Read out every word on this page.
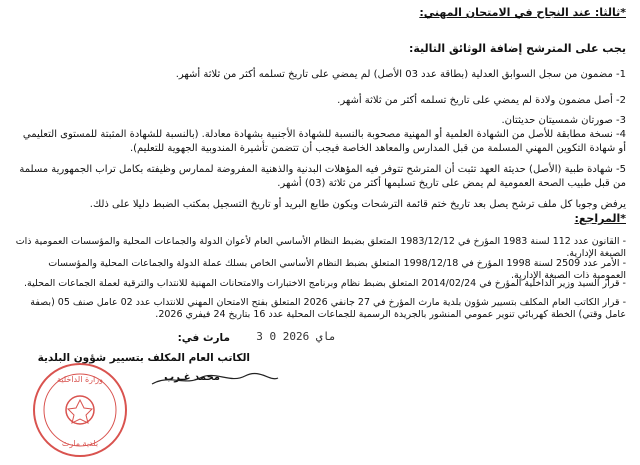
*ثالثا: عند النجاح في الامتحان المهني:
يجب على المترشح إضافة الوثائق التالية:
1- مضمون من سجل السوابق العدلية (بطاقة عدد 03 الأصل) لم يمضي على تاريخ تسلمه أكثر من ثلاثة أشهر.
2- أصل مضمون ولادة لم يمضي على تاريخ تسلمه أكثر من ثلاثة أشهر.
3- صورتان شمسيتان حديثتان.
4- نسخة مطابقة للأصل من الشهادة العلمية أو المهنية مصحوبة بالنسبة للشهادة الأجنبية بشهادة معادلة. (بالنسبة للشهادة المثبتة للمستوى التعليمي أو شهادة التكوين المهني المسلمة من قبل المدارس والمعاهد الخاصة فيجب أن تتضمن تأشيرة المندوبية الجهوية للتعليم).
5- شهادة طبية (الأصل) حديثة العهد تثبت أن المترشح تتوفر فيه المؤهلات البدنية والذهنية المفروضة لممارس وظيفته بكامل تراب الجمهورية مسلمة من قبل طبيب الصحة العمومية لم يمض على تاريخ تسليمها أكثر من ثلاثة (03) أشهر.
يرفض وجوبا كل ملف ترشح يصل بعد تاريخ ختم قائمة الترشحات ويكون طابع البريد أو تاريخ التسجيل بمكتب الضبط دليلا على ذلك.
*المراجع:
- القانون عدد 112 لسنة 1983 المؤرخ في 1983/12/12 المتعلق بضبط النظام الأساسي العام لأعوان الدولة والجماعات المحلية والمؤسسات العمومية ذات الصبغة الإدارية.
- الأمر عدد 2509 لسنة 1998 المؤرخ في 1998/12/18 المتعلق بضبط النظام الأساسي الخاص بسلك عملة الدولة والجماعات المحلية والمؤسسات العمومية ذات الصبغة الإدارية.
- قرار السيد وزير الداخلية المؤرخ في 2014/02/24 المتعلق بضبط نظام وبرنامج الاختبارات والامتحانات المهنية للانتداب والترقية لعملة الجماعات المحلية.
- قرار الكاتب العام المكلف بتسيير شؤون بلدية مارث المؤرخ في 27 جانفي 2026 المتعلق بفتح الامتحان المهني للانتداب عدد 02 عامل صنف 05 (بصفة عامل وقتي) الخطة كهربائي تنوير عمومي المنشور بالجريدة الرسمية للجماعات المحلية عدد 16 بتاريخ 24 فيفري 2026.
مارث في:	3 0 ماي 2026
الكاتب العام المكلف بتسيير شؤون البلدية
محمد غـرب
وزارة الداخلية
بلدية مارث
